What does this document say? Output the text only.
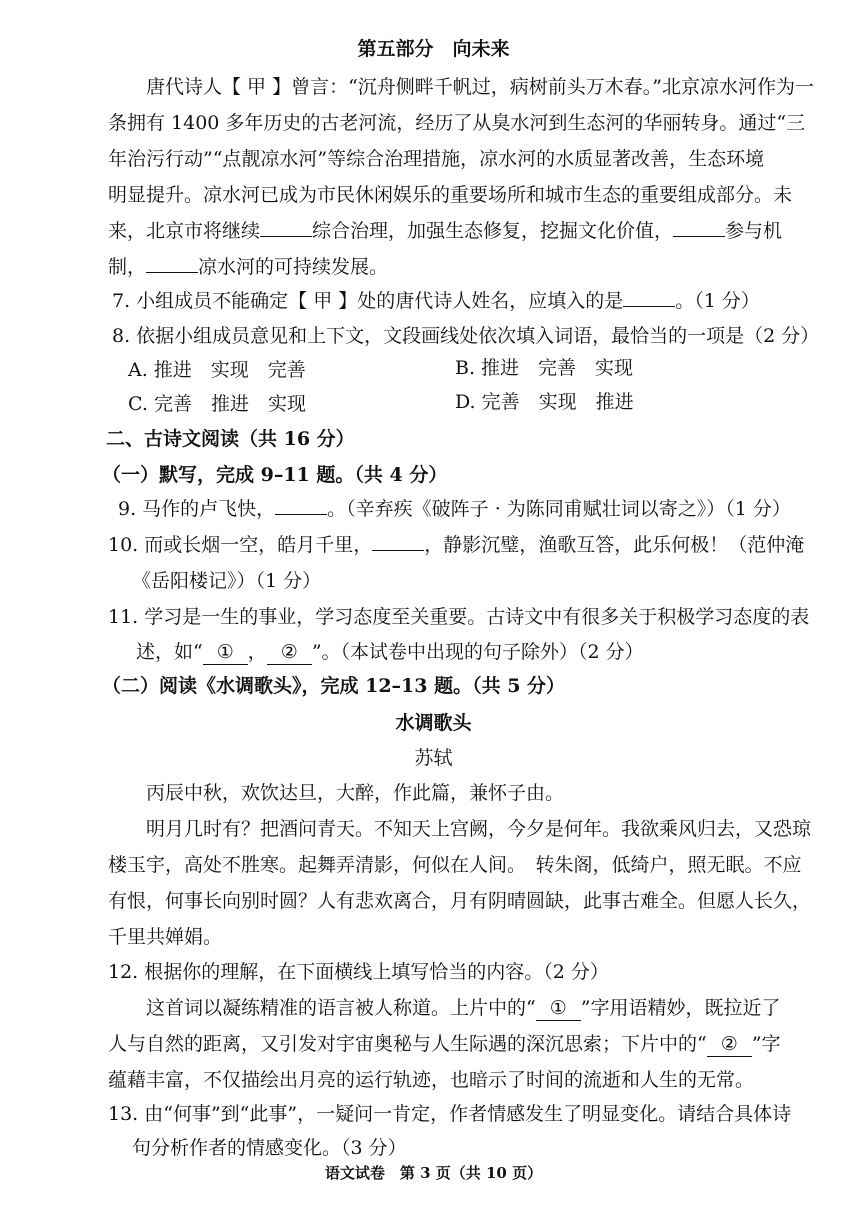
第五部分　向未来
唐代诗人【 甲 】曾言：“沉舟侧畔千帆过，病树前头万木春。”北京凉水河作为一
条拥有 1400 多年历史的古老河流，经历了从臭水河到生态河的华丽转身。通过“三
年治污行动”“点靓凉水河”等综合治理措施，凉水河的水质显著改善，生态环境
明显提升。凉水河已成为市民休闲娱乐的重要场所和城市生态的重要组成部分。未
来，北京市将继续	综合治理，加强生态修复，挖掘文化价值，	参与机
制，	凉水河的可持续发展。
7. 小组成员不能确定【 甲 】处的唐代诗人姓名，应填入的是	。（1 分）
8. 依据小组成员意见和上下文，文段画线处依次填入词语，最恰当的一项是（2 分）
A. 推进　实现　完善	B. 推进　完善　实现
C. 完善　推进　实现	D. 完善　实现　推进
二、古诗文阅读（共 16 分）
（一）默写，完成 9–11 题。（共 4 分）
9. 马作的卢飞快，	。（辛弃疾《破阵子 · 为陈同甫赋壮词以寄之》）（1 分）
10. 而或长烟一空，皓月千里，	，静影沉璧，渔歌互答，此乐何极！（范仲淹
《岳阳楼记》）（1 分）
11. 学习是一生的事业，学习态度至关重要。古诗文中有很多关于积极学习态度的表
述，如“ ① ， ② ”。（本试卷中出现的句子除外）（2 分）
（二）阅读《水调歌头》，完成 12–13 题。（共 5 分）
水调歌头
苏轼
丙辰中秋，欢饮达旦，大醉，作此篇，兼怀子由。
明月几时有？把酒问青天。不知天上宫阙，今夕是何年。我欲乘风归去，又恐琼
楼玉宇，高处不胜寒。起舞弄清影，何似在人间。　转朱阁，低绮户，照无眠。不应
有恨，何事长向别时圆？人有悲欢离合，月有阴晴圆缺，此事古难全。但愿人长久，
千里共婵娟。
12. 根据你的理解，在下面横线上填写恰当的内容。（2 分）
这首词以凝练精准的语言被人称道。上片中的“ ① ”字用语精妙，既拉近了
人与自然的距离，又引发对宇宙奥秘与人生际遇的深沉思索；下片中的“ ② ”字
蕴藉丰富，不仅描绘出月亮的运行轨迹，也暗示了时间的流逝和人生的无常。
13. 由“何事”到“此事”，一疑问一肯定，作者情感发生了明显变化。请结合具体诗
句分析作者的情感变化。（3 分）
语文试卷　第 3 页（共 10 页）
